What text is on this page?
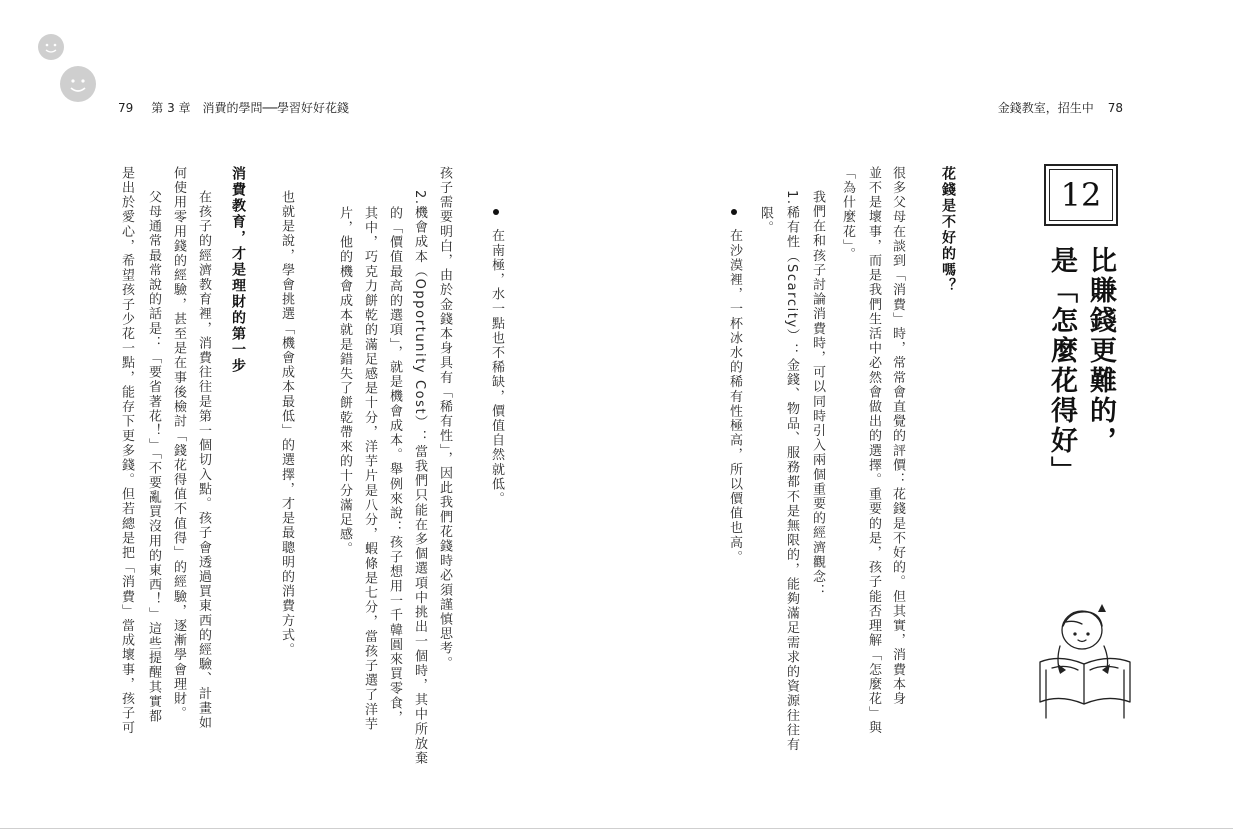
79 第 3 章　消費的學問──學習好好花錢	金錢教室，招生中 78
12
比賺錢更難的，
是「怎麼花得好」
花錢是不好的嗎？
很多父母在談到「消費」時，常常會直覺的評價：花錢是不好的。但其實，消費本身
並不是壞事，而是我們生活中必然會做出的選擇。重要的是，孩子能否理解「怎麼花」與
「為什麼花」。
我們在和孩子討論消費時，可以同時引入兩個重要的經濟觀念：
1.稀有性（Scarcity）：金錢、物品、服務都不是無限的，能夠滿足需求的資源往往有
限。
在沙漠裡，一杯冰水的稀有性極高，所以價值也高。
在南極，水一點也不稀缺，價值自然就低。
孩子需要明白，由於金錢本身具有「稀有性」，因此我們花錢時必須謹慎思考。
2.機會成本（Opportunity Cost）：當我們只能在多個選項中挑出一個時，其中所放棄
的「價值最高的選項」，就是機會成本。舉例來說：孩子想用一千韓圓來買零食，
其中，巧克力餅乾的滿足感是十分，洋芋片是八分，蝦條是七分，當孩子選了洋芋
片，他的機會成本就是錯失了餅乾帶來的十分滿足感。
也就是說，學會挑選「機會成本最低」的選擇，才是最聰明的消費方式。
消費教育，才是理財的第一步
在孩子的經濟教育裡，消費往往是第一個切入點。孩子會透過買東西的經驗、計畫如
何使用零用錢的經驗，甚至是在事後檢討「錢花得值不值得」的經驗，逐漸學會理財。
父母通常最常說的話是：「要省著花！」「不要亂買沒用的東西！」這些提醒其實都
是出於愛心，希望孩子少花一點，能存下更多錢。但若總是把「消費」當成壞事，孩子可
